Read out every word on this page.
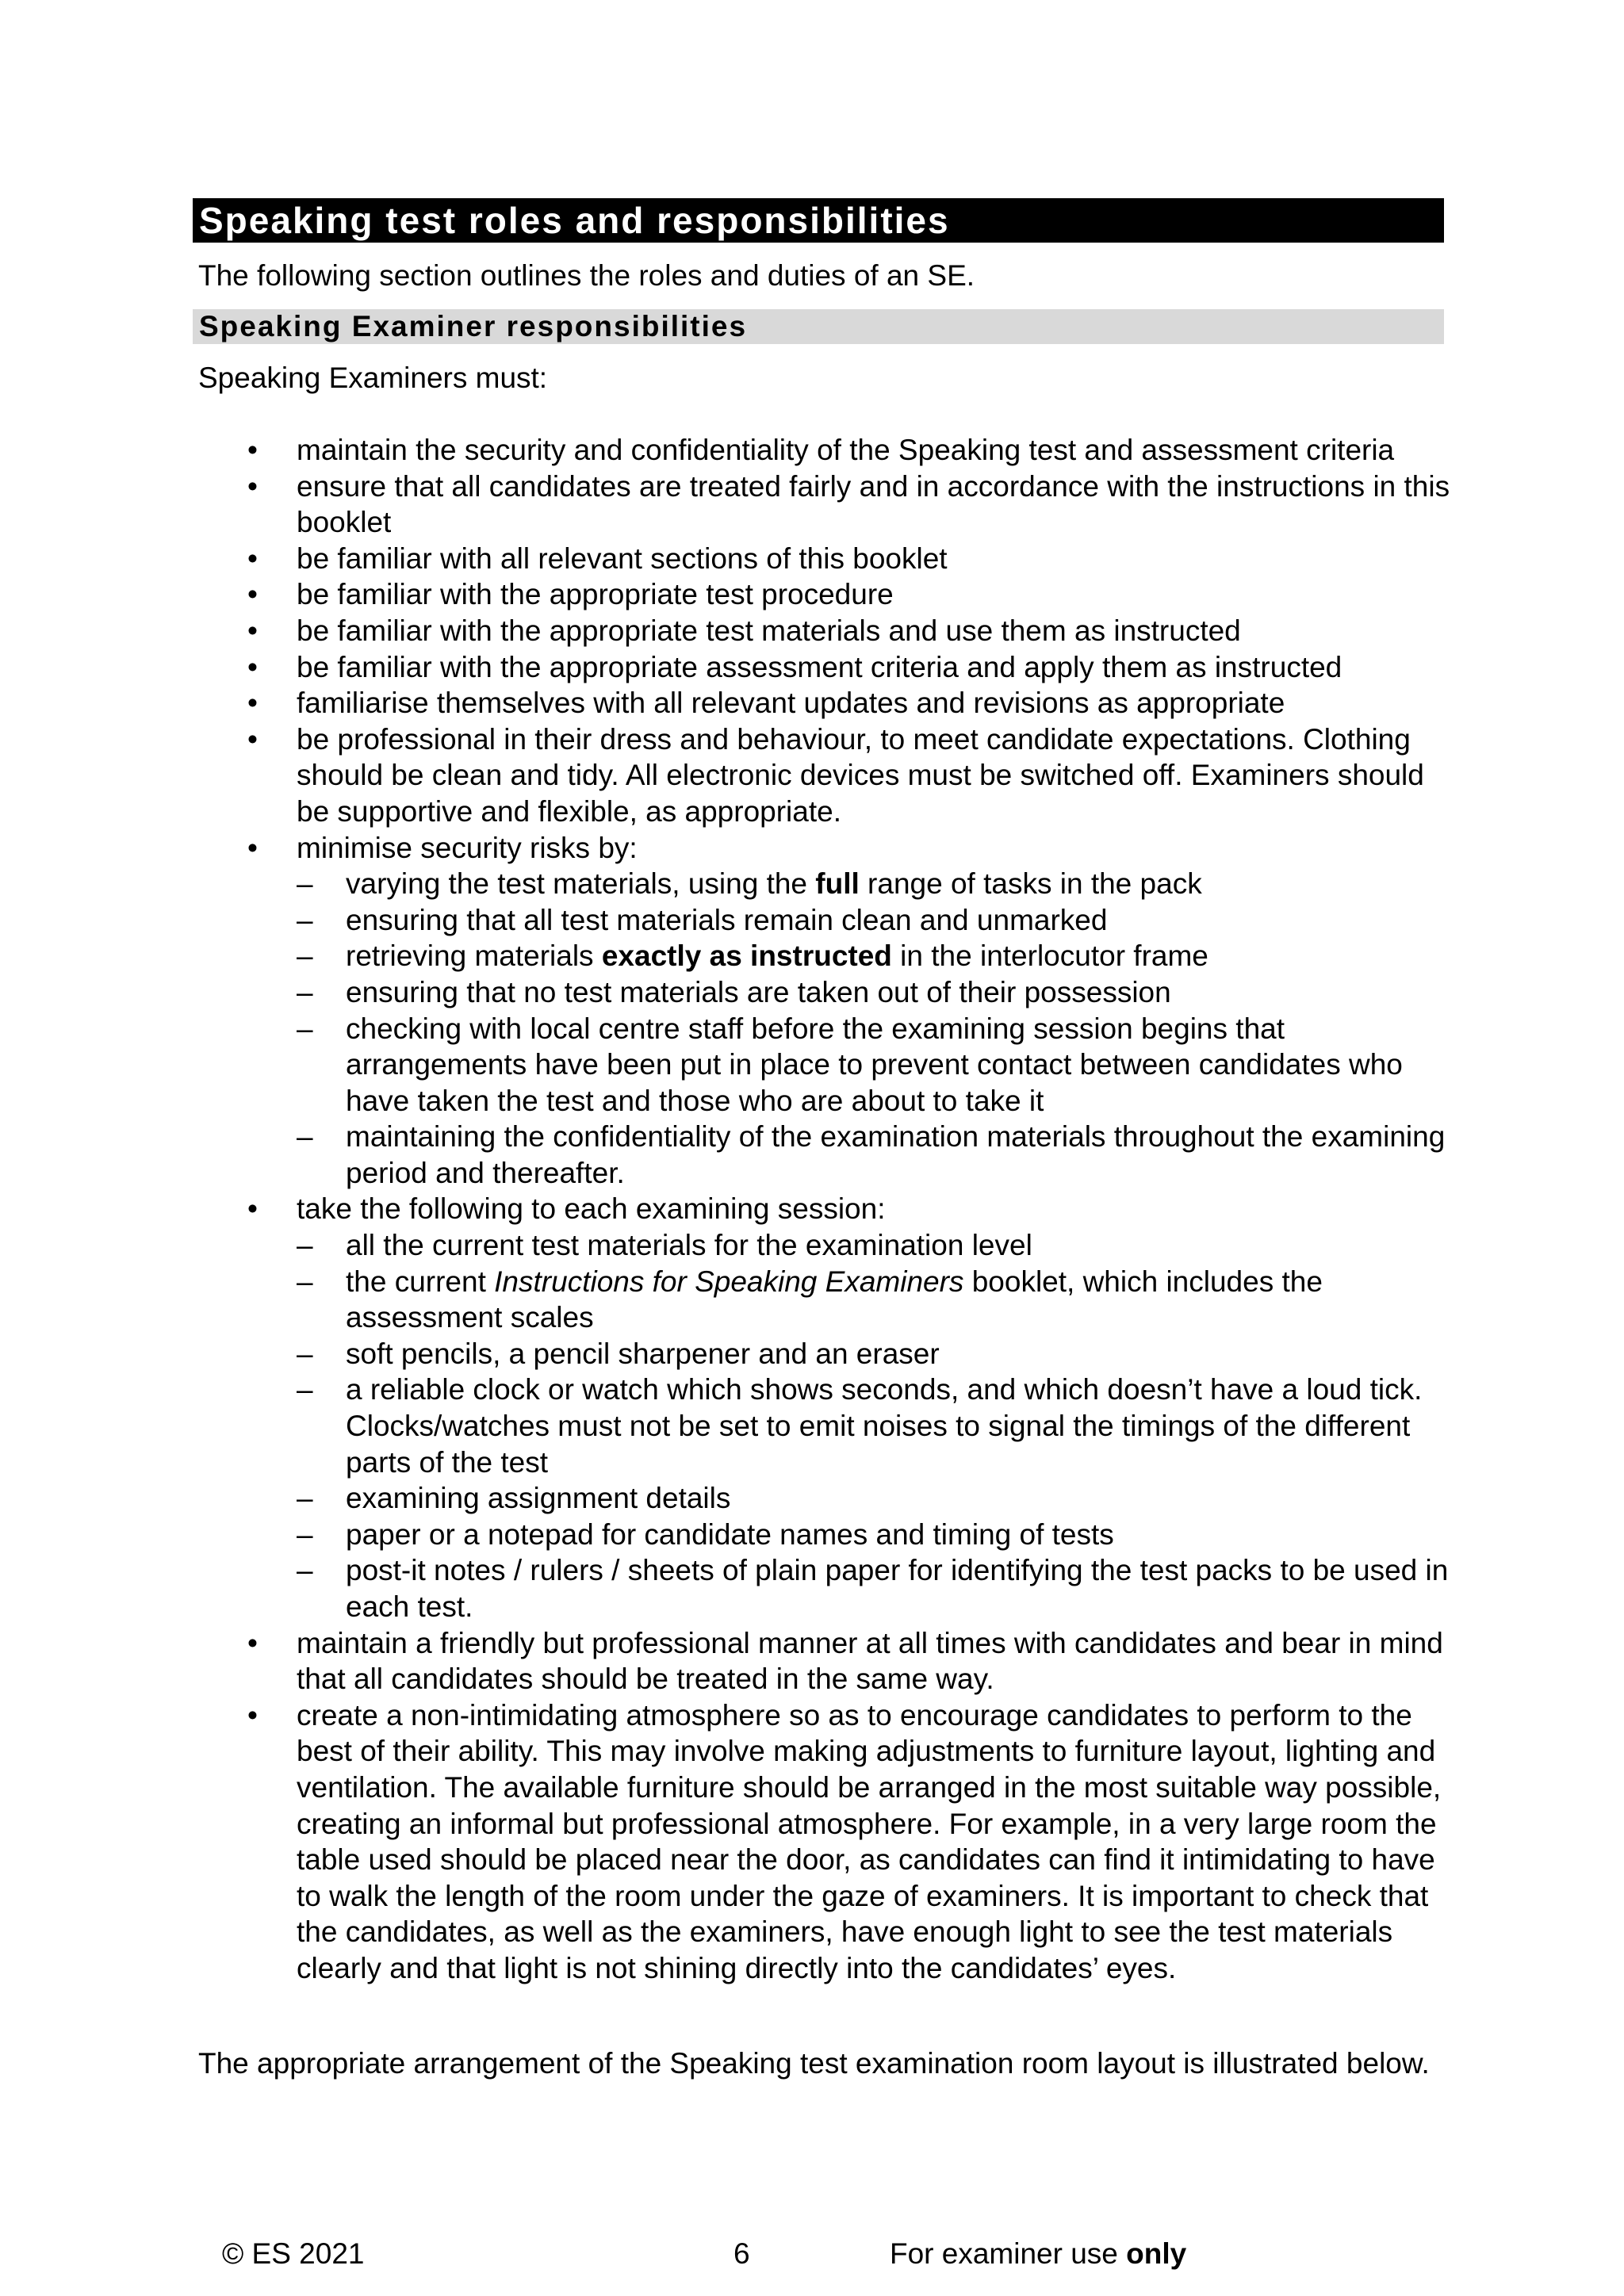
Speaking test roles and responsibilities
The following section outlines the roles and duties of an SE.
Speaking Examiner responsibilities
Speaking Examiners must:
• maintain the security and confidentiality of the Speaking test and assessment criteria
• ensure that all candidates are treated fairly and in accordance with the instructions in this booklet
• be familiar with all relevant sections of this booklet
• be familiar with the appropriate test procedure
• be familiar with the appropriate test materials and use them as instructed
• be familiar with the appropriate assessment criteria and apply them as instructed
• familiarise themselves with all relevant updates and revisions as appropriate
• be professional in their dress and behaviour, to meet candidate expectations. Clothing should be clean and tidy. All electronic devices must be switched off. Examiners should be supportive and flexible, as appropriate.
• minimise security risks by:
– varying the test materials, using the full range of tasks in the pack
– ensuring that all test materials remain clean and unmarked
– retrieving materials exactly as instructed in the interlocutor frame
– ensuring that no test materials are taken out of their possession
– checking with local centre staff before the examining session begins that arrangements have been put in place to prevent contact between candidates who have taken the test and those who are about to take it
– maintaining the confidentiality of the examination materials throughout the examining period and thereafter.
• take the following to each examining session:
– all the current test materials for the examination level
– the current Instructions for Speaking Examiners booklet, which includes the assessment scales
– soft pencils, a pencil sharpener and an eraser
– a reliable clock or watch which shows seconds, and which doesn’t have a loud tick. Clocks/watches must not be set to emit noises to signal the timings of the different parts of the test
– examining assignment details
– paper or a notepad for candidate names and timing of tests
– post-it notes / rulers / sheets of plain paper for identifying the test packs to be used in each test.
• maintain a friendly but professional manner at all times with candidates and bear in mind that all candidates should be treated in the same way.
• create a non-intimidating atmosphere so as to encourage candidates to perform to the best of their ability. This may involve making adjustments to furniture layout, lighting and ventilation. The available furniture should be arranged in the most suitable way possible, creating an informal but professional atmosphere. For example, in a very large room the table used should be placed near the door, as candidates can find it intimidating to have to walk the length of the room under the gaze of examiners. It is important to check that the candidates, as well as the examiners, have enough light to see the test materials clearly and that light is not shining directly into the candidates’ eyes.
The appropriate arrangement of the Speaking test examination room layout is illustrated below.
© ES 2021	6	For examiner use only
